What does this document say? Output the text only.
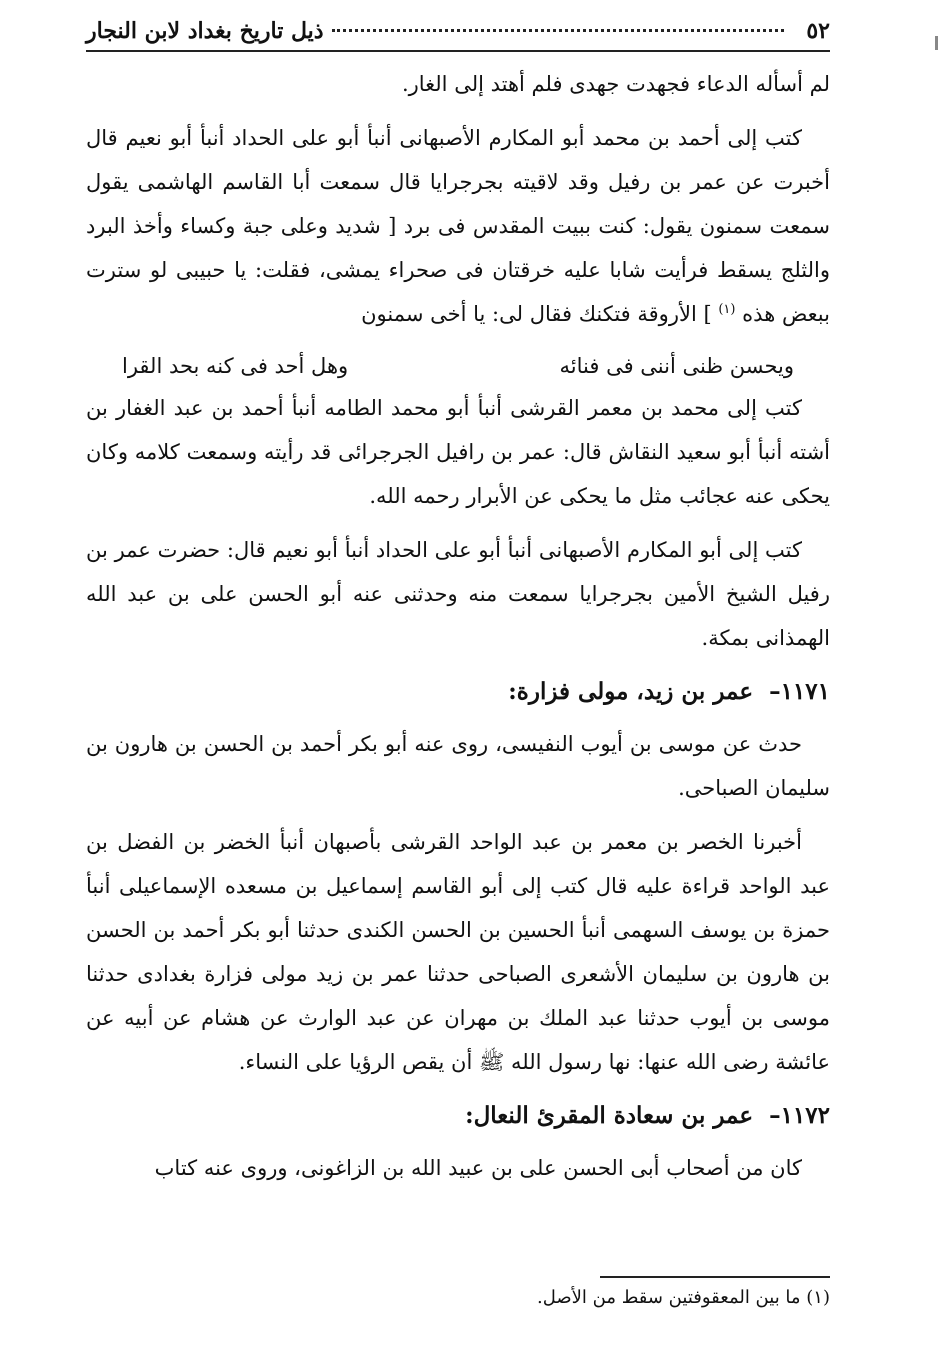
٥٢
ذيل تاريخ بغداد لابن النجار

لم أسأله الدعاء فجهدت جهدى فلم أهتد إلى الغار.

كتب إلى أحمد بن محمد أبو المكارم الأصبهانى أنبأ أبو على الحداد أنبأ أبو نعيم قال أخبرت عن عمر بن رفيل وقد لاقيته بجرجرايا قال سمعت أبا القاسم الهاشمى يقول سمعت سمنون يقول: كنت ببيت المقدس فى برد [ شديد وعلى جبة وكساء وأخذ البرد والثلج يسقط فرأيت شابا عليه خرقتان فى صحراء يمشى، فقلت: يا حبيبى لو سترت ببعض هذه $^{(١)}$ ] الأروقة فتكنك فقال لى: يا أخى سمنون

ويحسن ظنى أننى فى فنائه
وهل أحد فى كنه بحد القرا

كتب إلى محمد بن معمر القرشى أنبأ أبو محمد الطامه أنبأ أحمد بن عبد الغفار بن أشته أنبأ أبو سعيد النقاش قال: عمر بن رافيل الجرجرائى قد رأيته وسمعت كلامه وكان يحكى عنه عجائب مثل ما يحكى عن الأبرار رحمه الله.

كتب إلى أبو المكارم الأصبهانى أنبأ أبو على الحداد أنبأ أبو نعيم قال: حضرت عمر بن رفيل الشيخ الأمين بجرجرايا سمعت منه وحدثنى عنه أبو الحسن على بن عبد الله الهمذانى بمكة.

١١٧١– عمر بن زيد، مولى فزارة:

حدث عن موسى بن أيوب النفيسى، روى عنه أبو بكر أحمد بن الحسن بن هارون بن سليمان الصباحى.

أخبرنا الخصر بن معمر بن عبد الواحد القرشى بأصبهان أنبأ الخضر بن الفضل بن عبد الواحد قراءة عليه قال كتب إلى أبو القاسم إسماعيل بن مسعده الإسماعيلى أنبأ حمزة بن يوسف السهمى أنبأ الحسين بن الحسن الكندى حدثنا أبو بكر أحمد بن الحسن بن هارون بن سليمان الأشعرى الصباحى حدثنا عمر بن زيد مولى فزارة بغدادى حدثنا موسى بن أيوب حدثنا عبد الملك بن مهران عن عبد الوارث عن هشام عن أبيه عن عائشة رضى الله عنها: نها رسول الله ﷺ أن يقص الرؤيا على النساء.

١١٧٢– عمر بن سعادة المقرئ النعال:

كان من أصحاب أبى الحسن على بن عبيد الله بن الزاغونى، وروى عنه كتاب

(١) ما بين المعقوفتين سقط من الأصل.
